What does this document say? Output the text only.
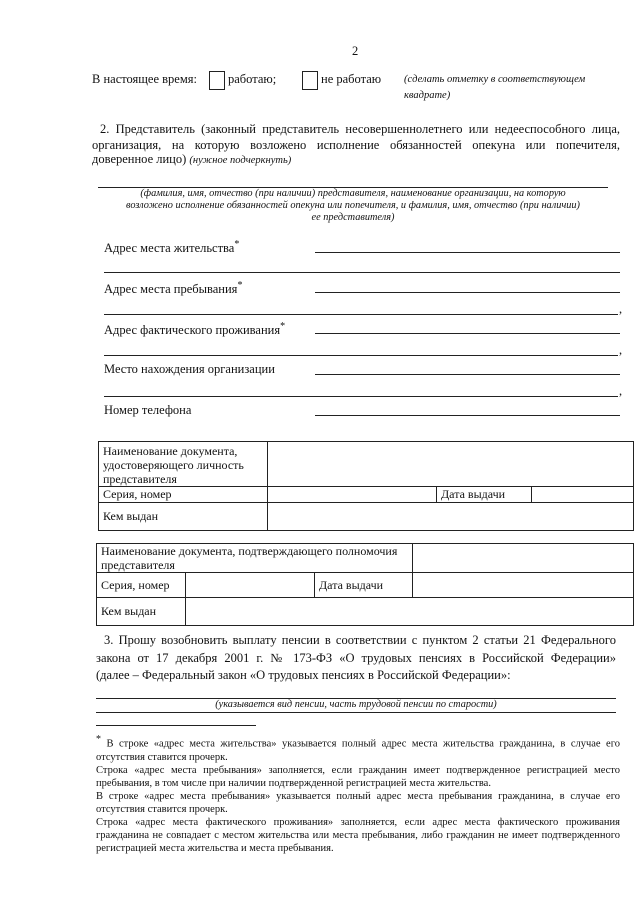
2
В настоящее время: работаю;	не работаю (сделать отметку в соответствующем
квадрате)
2. Представитель (законный представитель несовершеннолетнего или недееспособного лица,
организация, на которую возложено исполнение обязанностей опекуна или попечителя,
доверенное лицо) (нужное подчеркнуть)
(фамилия, имя, отчество (при наличии) представителя, наименование организации, на которую
возложено исполнение обязанностей опекуна или попечителя, и фамилия, имя, отчество (при наличии)
ее представителя)
Адрес места жительства*
Адрес места пребывания*
,
Адрес фактического проживания*
,
Место нахождения организации
,
Номер телефона
Наименование документа, удостоверяющего личность представителя			
Серия, номер		Дата выдачи	
Кем выдан			
Наименование документа, подтверждающего полномочия представителя			
Серия, номер		Дата выдачи	
Кем выдан			
3. Прошу возобновить выплату пенсии в соответствии с пунктом 2 статьи 21 Федерального
закона от 17 декабря 2001 г. № 173-ФЗ «О трудовых пенсиях в Российской Федерации»
(далее – Федеральный закон «О трудовых пенсиях в Российской Федерации»:
(указывается вид пенсии, часть трудовой пенсии по старости)
* В строке «адрес места жительства» указывается полный адрес места жительства гражданина, в случае его отсутствия ставится прочерк.
Строка «адрес места пребывания» заполняется, если гражданин имеет подтвержденное регистрацией место пребывания, в том числе при наличии подтвержденной регистрацией места жительства.
В строке «адрес места пребывания» указывается полный адрес места пребывания гражданина, в случае его отсутствия ставится прочерк.
Строка «адрес места фактического проживания» заполняется, если адрес места фактического проживания гражданина не совпадает с местом жительства или места пребывания, либо гражданин не имеет подтвержденного регистрацией места жительства и места пребывания.
